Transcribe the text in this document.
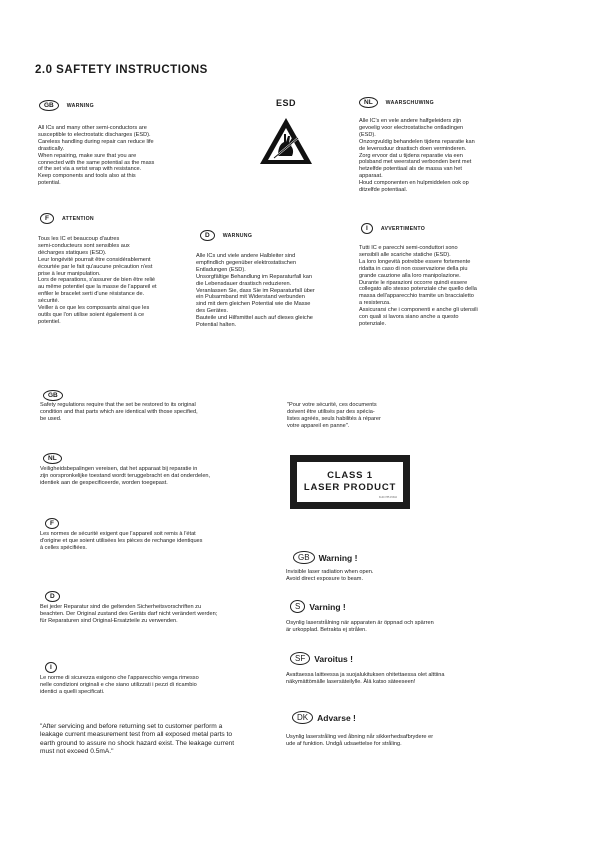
2.0 SAFTETY INSTRUCTIONS
GB	WARNING

All ICs and many other semi-conductors are
susceptible to electrostatic discharges (ESD).
Careless handling during repair can reduce life
drastically.
When repairing, make sure that you are
connected with the same potential as the mass
of the set via a wrist wrap with resistance.
Keep components and tools also at this
potential.

ESD	NL	WAARSCHUWING

Alle IC's en vele andere halfgeleiders zijn
gevoelig voor electrostatische ontladingen
(ESD).
Onzorgvuldig behandelen tijdens reparatie kan
de levensduur drastisch doen verminderen.
Zorg ervoor dat u tijdens reparatie via een
polsband met weerstand verbonden bent met
hetzelfde potentiaal als de massa van het
apparaat.
Houd componenten en hulpmiddelen ook op
ditzelfde potentiaal.

F	ATTENTION

Tous les IC et beaucoup d'autres
semi-conducteurs sont sensibles aux
décharges statiques (ESD).
Leur longévité pourrait être considérablement
écourtée par le fait qu'aucune précaution n'est
prise à leur manipulation.
Lors de reparations, s'assurer de bien être relié
au même potentiel que la masse de l'appareil et
enfiler le bracelet serti d'une résistance de.
sécurité.
Veiller à ce que les composants ainsi que les
outils que l'on utilise soient également à ce
potentiel.

D	WARNUNG

Alle ICs und viele andere Halbleiter sind
empfindlich gegenüber elektrostatischen
Entladungen (ESD).
Unsorgfältige Behandlung im Reparaturfall kan
die Lebensdauer drastisch reduzieren.
Veranlassen Sie, dass Sie im Reparaturfall über
ein Pulsarmband mit Widerstand verbunden
sind mit dem gleichen Potential wie die Masse
des Gerätes.
Bauteile und Hilfsmittel auch auf dieses gleiche
Potential halten.

I	AVVERTIMENTO

Tutti IC e parecchi semi-conduttori sono
sensibili alle scariche statiche (ESD).
La loro longevità potrebbe essere fortemente
ridatta in caso di non osservazione della piu
grande cauzione alla loro manipolazione.
Durante le riparazioni occorre quindi essere
collegato allo stesso potenziale che quello della
massa dell'apparecchio tramite un braccialetto
a resistenza.
Assicurarsi che i componenti e anche gli utensili
con quali si lavora siano anche a questo
potenziale.

GB

Safety regulations require that the set be restored to its original
condition and that parts which are identical with those specified,
be used.

"Pour votre sécurité, ces documents
doivent être utilisés par des spécia-
listes agréés, seuls habilités à réparer
votre appareil en panne".

NL

Veiligheidsbepalingen vereisen, dat het apparaat bij reparatie in
zijn oorspronkelijke toestand wordt teruggebracht en dat onderdelen,
identiek aan de gespecificeerde, worden toegepast.

CLASS 1
LASER PRODUCT
3140 785 15310
F

Les normes de sécurité exigent que l'appareil soit remis à l'état
d'origine et que soient utilisées les pièces de rechange identiques
à celles spécifiées.

D

Bei jeder Reparatur sind die geltenden Sicherheitsvorschriften zu
beachten. Der Original zustand des Geräts darf nicht verändert werden;
für Reparaturen sind Original-Ersatzteile zu verwenden.

I

Le norme di sicurezza esigono che l'apparecchio venga rimesso
nelle condizioni originali e che siano utilizzati i pezzi di ricambio
identici a quelli specificati.

GB	Warning !

Invisible laser radiation when open.
Avoid direct exposure to beam.

S	Varning !

Osynlig laserstrålning när apparaten är öppnad och spärren
är urkopplad. Betrakta ej strålen.

SF	Varoitus !

Avattaessa laitteessa ja suojalukituksen ohitettaessa olet alttiina
näkymättömälle lasersäteilylle. Älä katso säteeseen!

DK	Advarse !

Usynlig laserstråling ved åbning når sikkerhedsafbrydere er
ude af funktion. Undgå udsaettelse for stråling.

"After servicing and before returning set to customer perform a
leakage current measurement test from all exposed metal parts to
earth ground to assure no shock hazard exist. The leakage current
must not exceed 0.5mA."
